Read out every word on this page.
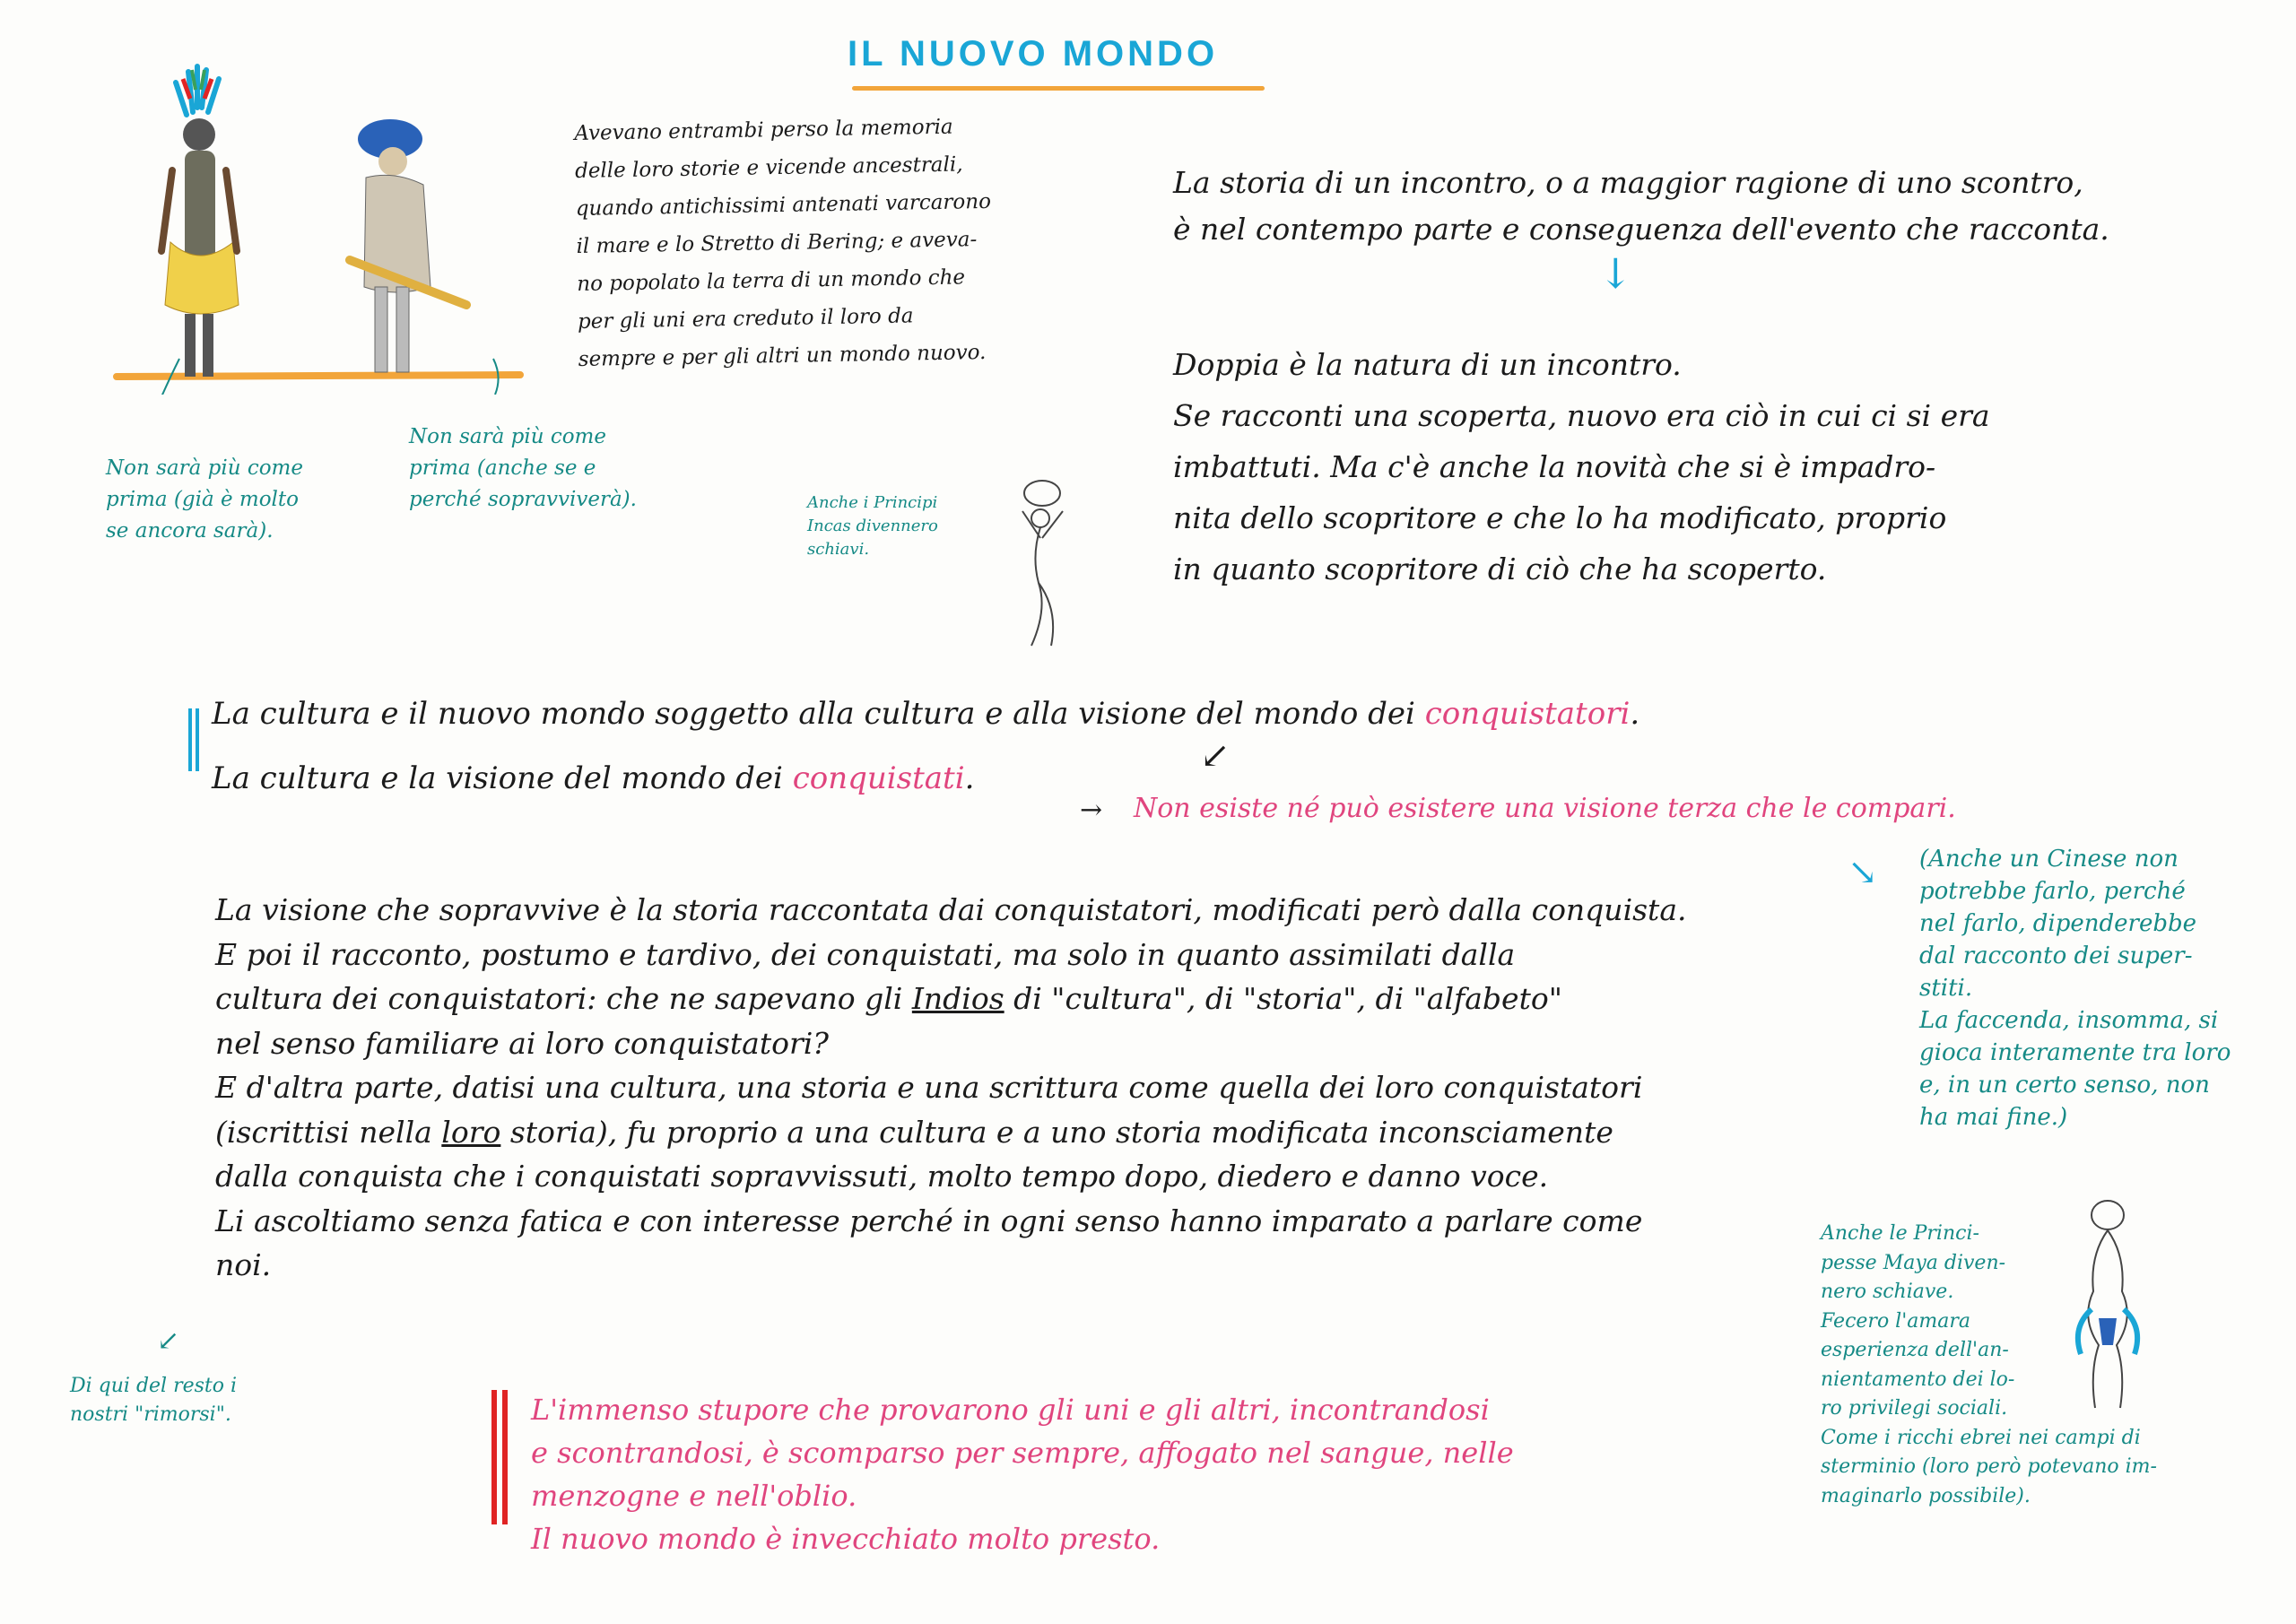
IL NUOVO MONDO
Avevano entrambi perso la memoria
delle loro storie e vicende ancestrali,
quando antichissimi antenati varcarono
il mare e lo Stretto di Bering; e aveva-
no popolato la terra di un mondo che
per gli uni era creduto il loro da
sempre e per gli altri un mondo nuovo.
La storia di un incontro, o a maggior ragione di uno scontro,
è nel contempo parte e conseguenza dell'evento che racconta.
↓
Doppia è la natura di un incontro.
Se racconti una scoperta, nuovo era ciò in cui ci si era
imbattuti. Ma c'è anche la novità che si è impadro-
nita dello scopritore e che lo ha modificato, proprio
in quanto scopritore di ciò che ha scoperto.
Non sarà più come
prima (già è molto
se ancora sarà).
Non sarà più come
prima (anche se e
perché sopravviverà).	Anche i Principi
Incas divennero
schiavi.
La cultura e il nuovo mondo soggetto alla cultura e alla visione del mondo dei conquistatori.
La cultura e la visione del mondo dei conquistati.
↙
→ Non esiste né può esistere una visione terza che le compari.
La visione che sopravvive è la storia raccontata dai conquistatori, modificati però dalla conquista.
E poi il racconto, postumo e tardivo, dei conquistati, ma solo in quanto assimilati dalla
cultura dei conquistatori: che ne sapevano gli Indios di "cultura", di "storia", di "alfabeto"
nel senso familiare ai loro conquistatori?
E d'altra parte, datisi una cultura, una storia e una scrittura come quella dei loro conquistatori
(iscrittisi nella loro storia), fu proprio a una cultura e a uno storia modificata inconsciamente
dalla conquista che i conquistati sopravvissuti, molto tempo dopo, diedero e danno voce.
Li ascoltiamo senza fatica e con interesse perché in ogni senso hanno imparato a parlare come
noi.
↘ (Anche un Cinese non
potrebbe farlo, perché
nel farlo, dipenderebbe
dal racconto dei super-
stiti.
La faccenda, insomma, si
gioca interamente tra loro
e, in un certo senso, non
ha mai fine.)
↙
Di qui del resto i
nostri "rimorsi".	L'immenso stupore che provarono gli uni e gli altri, incontrandosi
e scontrandosi, è scomparso per sempre, affogato nel sangue, nelle
menzogne e nell'oblio.
Il nuovo mondo è invecchiato molto presto.
Anche le Princi-
pesse Maya diven-
nero schiave.
Fecero l'amara
esperienza dell'an-
nientamento dei lo-
ro privilegi sociali.
Come i ricchi ebrei nei campi di
sterminio (loro però potevano im-
maginarlo possibile).
